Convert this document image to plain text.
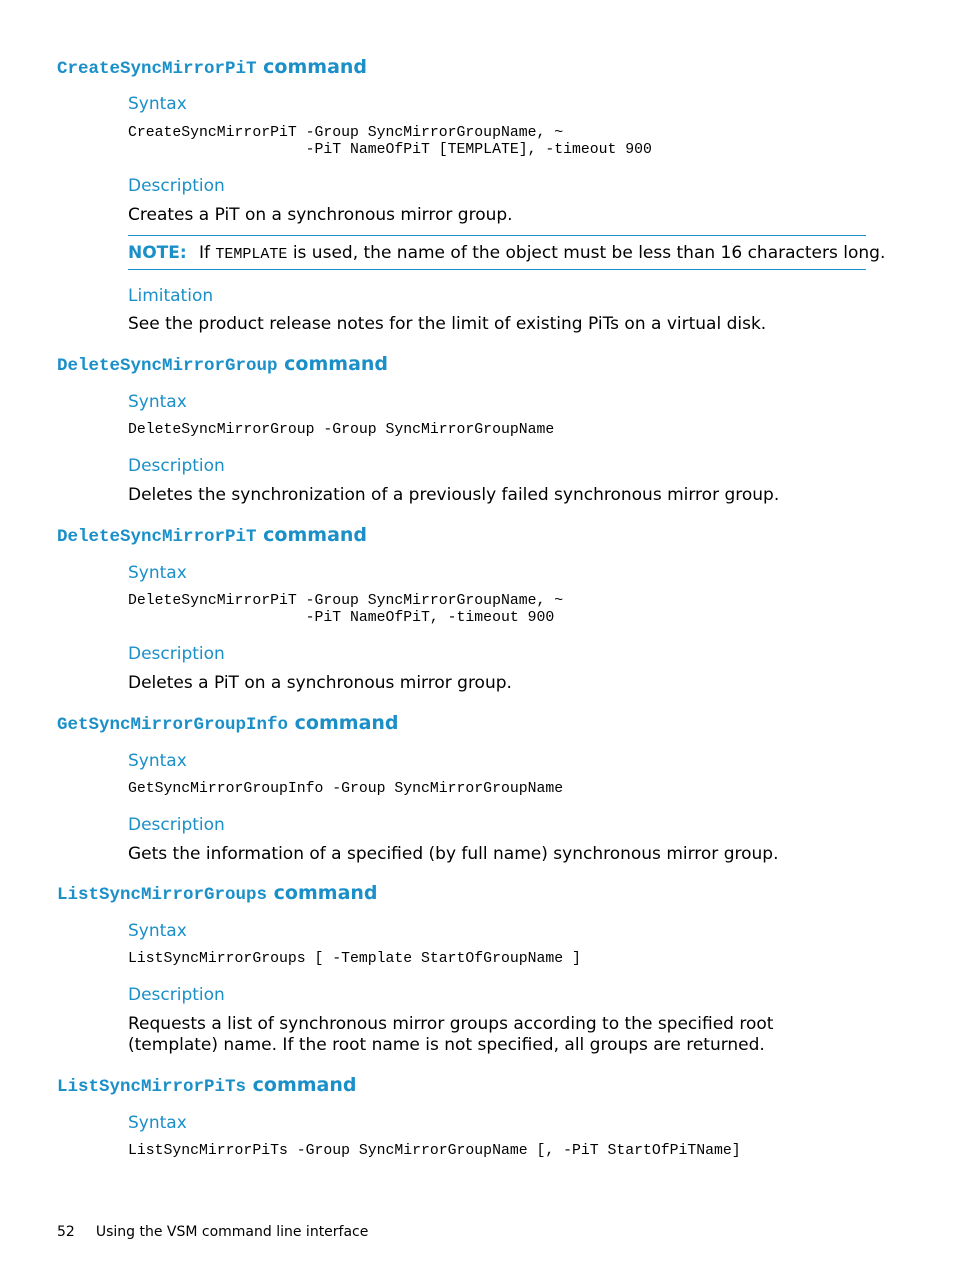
CreateSyncMirrorPiT command
Syntax
CreateSyncMirrorPiT -Group SyncMirrorGroupName, ~
-PiT NameOfPiT [TEMPLATE], -timeout 900
Description

Creates a PiT on a synchronous mirror group.

NOTE: If TEMPLATE is used, the name of the object must be less than 16 characters long.
Limitation

See the product release notes for the limit of existing PiTs on a virtual disk.

DeleteSyncMirrorGroup command
Syntax
DeleteSyncMirrorGroup -Group SyncMirrorGroupName
Description

Deletes the synchronization of a previously failed synchronous mirror group.

DeleteSyncMirrorPiT command
Syntax
DeleteSyncMirrorPiT -Group SyncMirrorGroupName, ~
-PiT NameOfPiT, -timeout 900
Description

Deletes a PiT on a synchronous mirror group.

GetSyncMirrorGroupInfo command
Syntax
GetSyncMirrorGroupInfo -Group SyncMirrorGroupName
Description

Gets the information of a specified (by full name) synchronous mirror group.

ListSyncMirrorGroups command
Syntax
ListSyncMirrorGroups [ -Template StartOfGroupName ]
Description

Requests a list of synchronous mirror groups according to the specified root (template) name. If the root name is not specified, all groups are returned.

ListSyncMirrorPiTs command
Syntax
ListSyncMirrorPiTs -Group SyncMirrorGroupName [, -PiT StartOfPiTName]
52 Using the VSM command line interface
